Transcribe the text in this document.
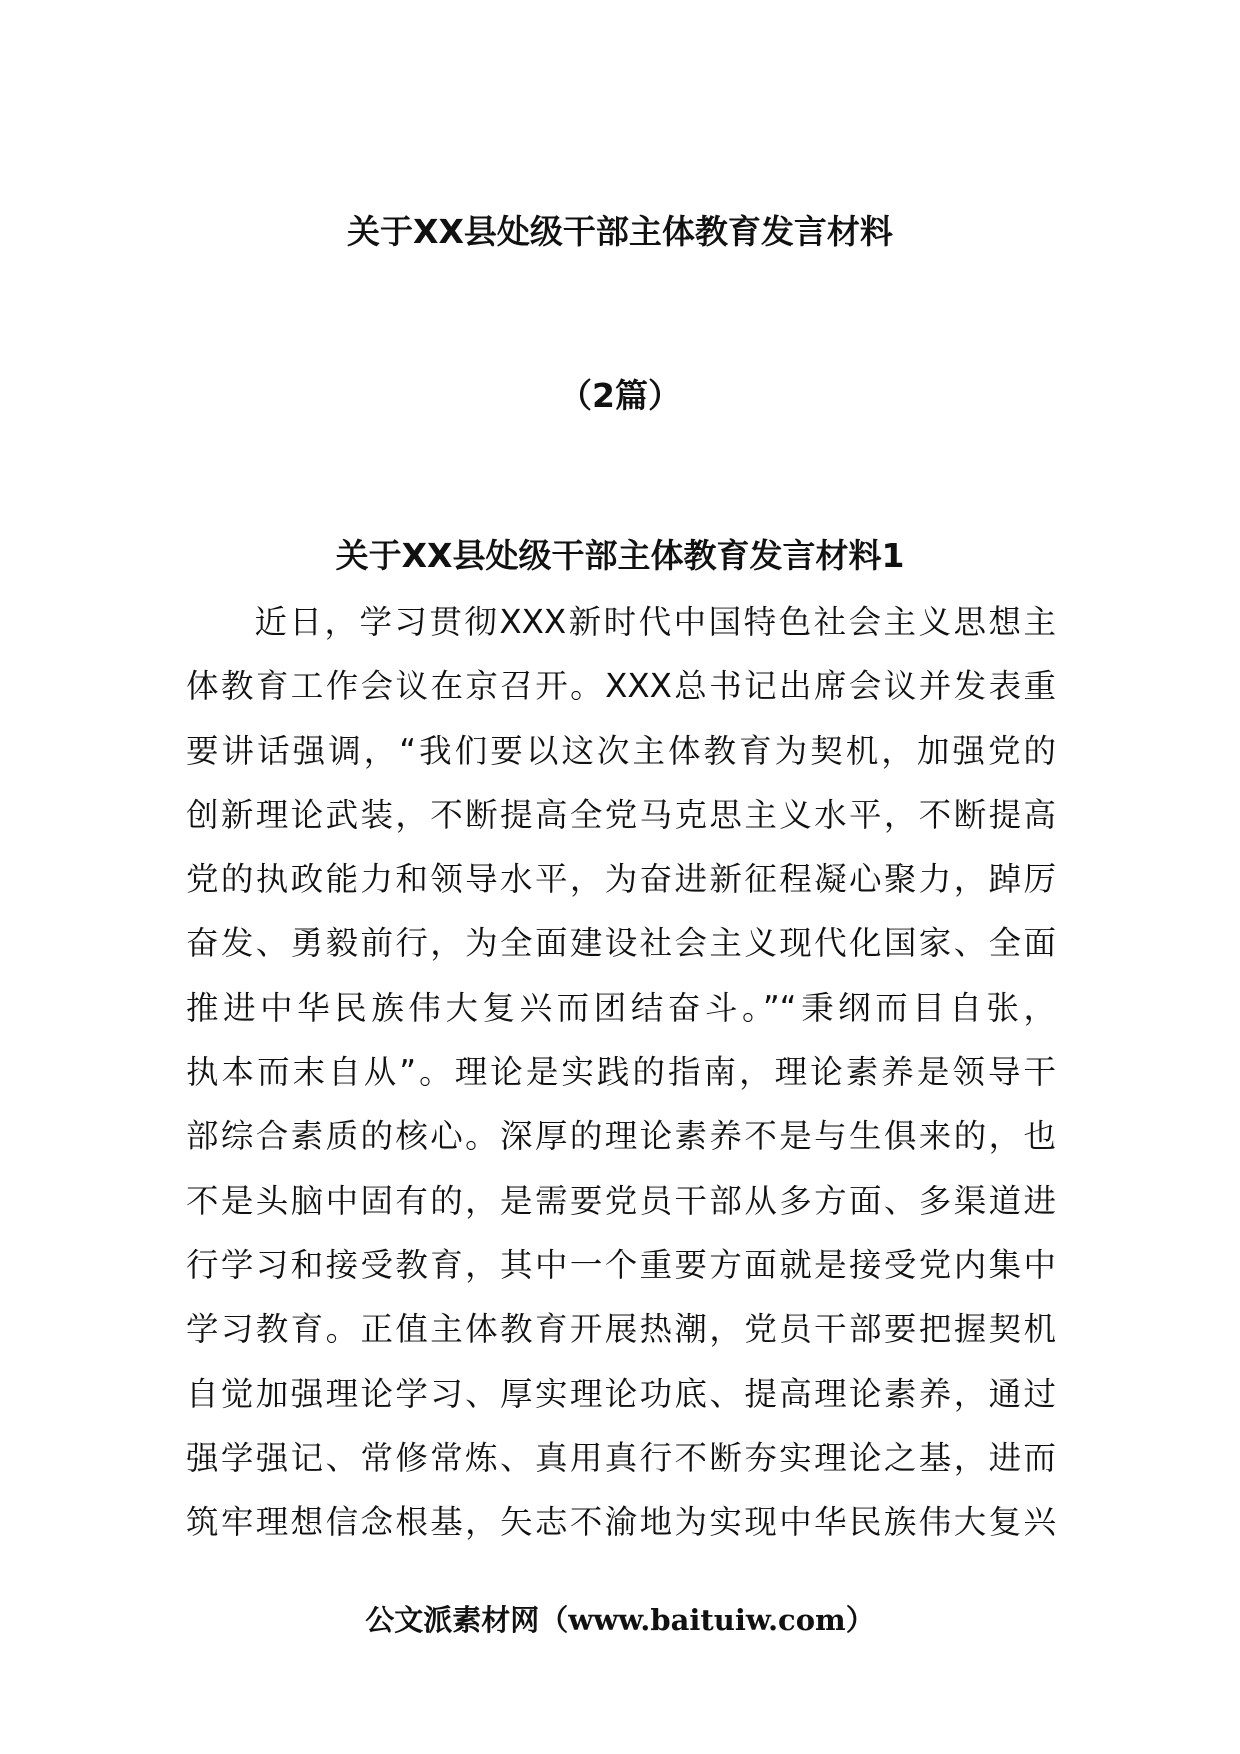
关于XX县处级干部主体教育发言材料
（2篇）
关于XX县处级干部主体教育发言材料1
近日，学习贯彻XXX新时代中国特色社会主义思想主
体教育工作会议在京召开。XXX总书记出席会议并发表重
要讲话强调，“我们要以这次主体教育为契机，加强党的
创新理论武装，不断提高全党马克思主义水平，不断提高
党的执政能力和领导水平，为奋进新征程凝心聚力，踔厉
奋发、勇毅前行，为全面建设社会主义现代化国家、全面
推进中华民族伟大复兴而团结奋斗。”“秉纲而目自张，
执本而末自从”。理论是实践的指南，理论素养是领导干
部综合素质的核心。深厚的理论素养不是与生俱来的，也
不是头脑中固有的，是需要党员干部从多方面、多渠道进
行学习和接受教育，其中一个重要方面就是接受党内集中
学习教育。正值主体教育开展热潮，党员干部要把握契机
自觉加强理论学习、厚实理论功底、提高理论素养，通过
强学强记、常修常炼、真用真行不断夯实理论之基，进而
筑牢理想信念根基，矢志不渝地为实现中华民族伟大复兴
公文派素材网（www.baituiw.com）
